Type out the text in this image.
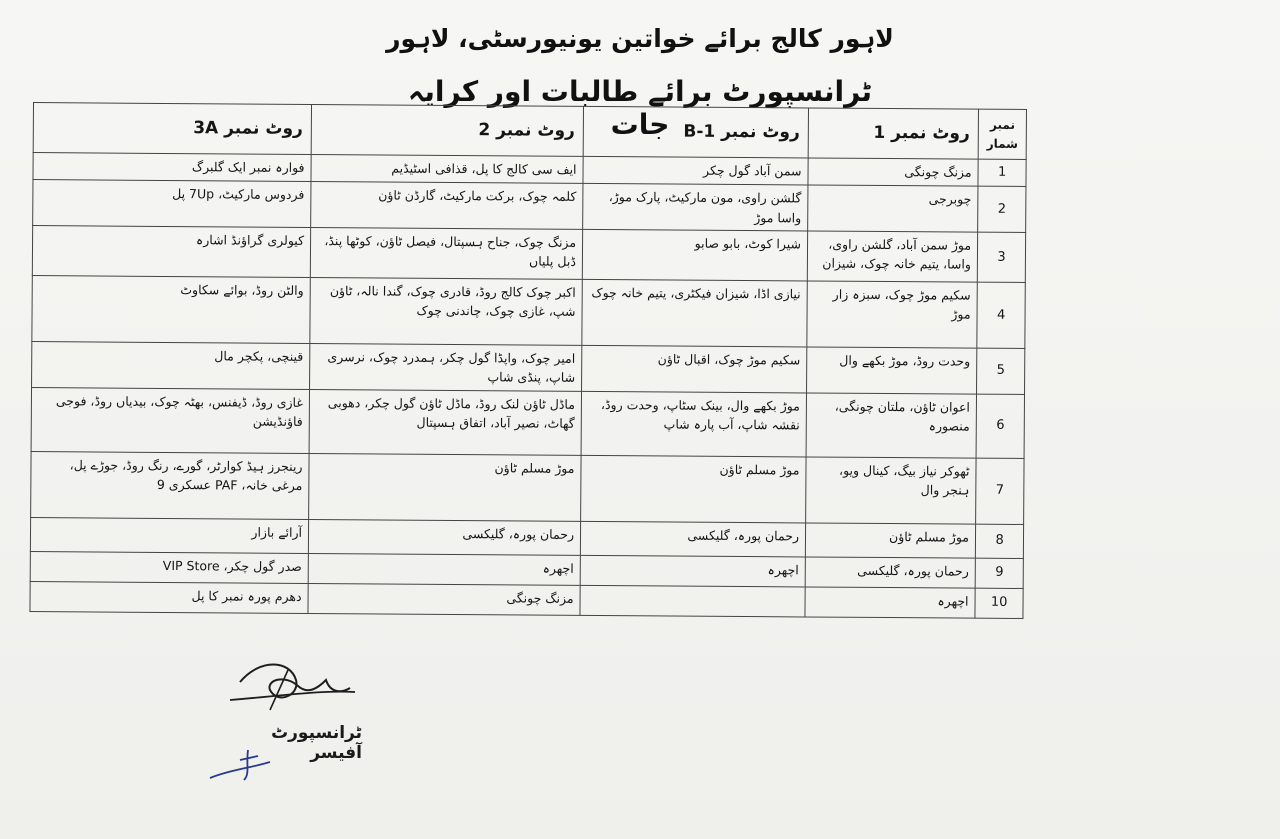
لاہور کالج برائے خواتین یونیورسٹی، لاہور
ٹرانسپورٹ برائے طالبات اور کرایہ جات	نمبر شمار	روٹ نمبر 1	روٹ نمبر B-1	روٹ نمبر 2	روٹ نمبر 3A
1	مزنگ چونگی	سمن آباد گول چکر	ایف سی کالج کا پل، قذافی اسٹیڈیم	فوارہ نمبر ایک گلبرگ
2	چوبرجی	گلشن راوی، مون مارکیٹ، پارک موڑ، واسا موڑ	کلمہ چوک، برکت مارکیٹ، گارڈن ٹاؤن	فردوس مارکیٹ، 7Up پل
3	موڑ سمن آباد، گلشن راوی، واسا، یتیم خانہ چوک، شیزان	شیرا کوٹ، بابو صابو	مزنگ چوک، جناح ہسپتال، فیصل ٹاؤن، کوٹھا پنڈ، ڈبل پلیاں	کیولری گراؤنڈ اشارہ
4	سکیم موڑ چوک، سبزہ زار موڑ	نیازی اڈا، شیزان فیکٹری، یتیم خانہ چوک	اکبر چوک کالج روڈ، قادری چوک، گندا نالہ، ٹاؤن شپ، غازی چوک، چاندنی چوک	والٹن روڈ، بوائے سکاوٹ
5	وحدت روڈ، موڑ بکھے وال	سکیم موڑ چوک، اقبال ٹاؤن	امیر چوک، واپڈا گول چکر، ہمدرد چوک، نرسری شاپ، پنڈی شاپ	قینچی، پکچر مال
6	اعوان ٹاؤن، ملتان چونگی، منصورہ	موڑ بکھے وال، بینک سٹاپ، وحدت روڈ، نقشہ شاپ، آب پارہ شاپ	ماڈل ٹاؤن لنک روڈ، ماڈل ٹاؤن گول چکر، دھوبی گھاٹ، نصیر آباد، اتفاق ہسپتال	غازی روڈ، ڈیفنس، بھٹہ چوک، بیدیاں روڈ، فوجی فاؤنڈیشن
7	ٹھوکر نیاز بیگ، کینال ویو، ہنجر وال	موڑ مسلم ٹاؤن	موڑ مسلم ٹاؤن	رینجرز ہیڈ کوارٹر، گورے، رنگ روڈ، جوڑے پل، مرغی خانہ، PAF عسکری 9
8	موڑ مسلم ٹاؤن	رحمان پورہ، گلیکسی	رحمان پورہ، گلیکسی	آرائے بازار
9	رحمان پورہ، گلیکسی	اچھرہ	اچھرہ	صدر گول چکر، VIP Store
10	اچھرہ		مزنگ چونگی	دھرم پورہ نمبر کا پل
ٹرانسپورٹ آفیسر
